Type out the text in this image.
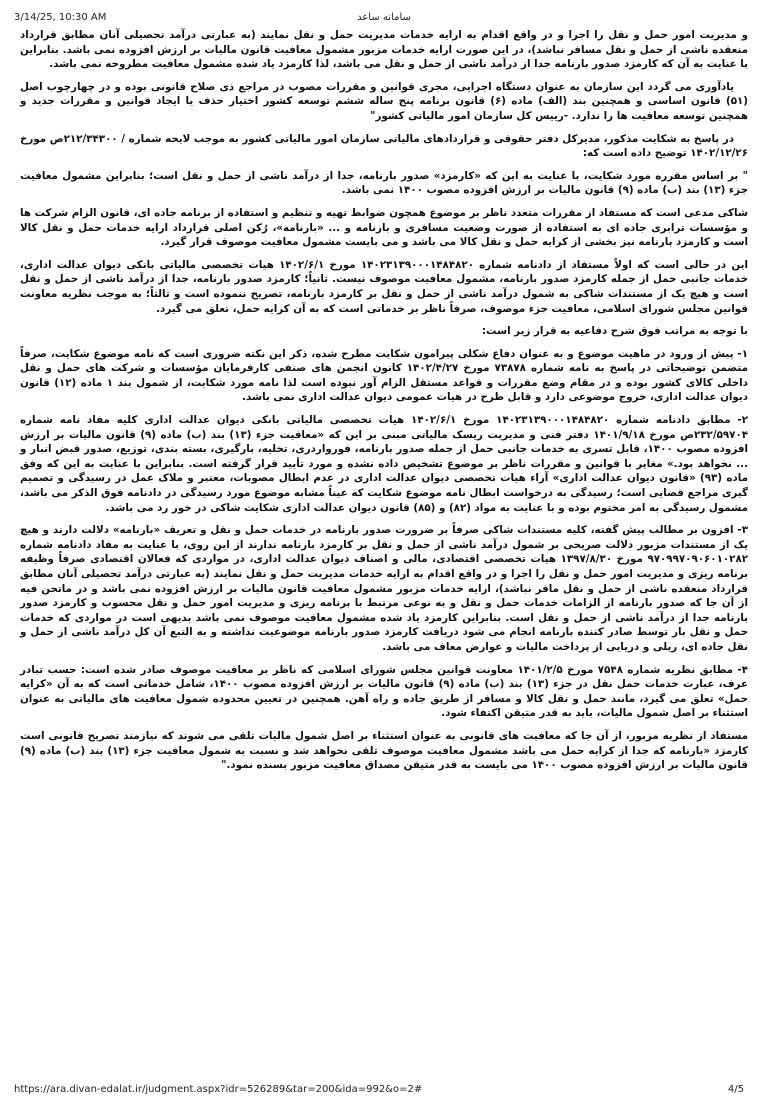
3/14/25, 10:30 AM	سامانه ساعد

و مدیریت امور حمل و نقل را اجرا و در واقع اقدام به ارایه خدمات مدیریت حمل و نقل نمایند (به عبارتی درآمد تحصیلی آنان مطابق قرارداد منعقده ناشی از حمل و نقل مسافر نباشد)، در این صورت ارایه خدمات مزبور مشمول معافیت قانون مالیات بر ارزش افزوده نمی باشد. بنابراین با عنایت به آن که کارمزد صدور بارنامه جدا از درآمد ناشی از حمل و نقل می باشد، لذا کارمزد یاد شده مشمول معافیت مطروحه نمی باشد.

یادآوری می گردد این سازمان به عنوان دستگاه اجرایی، مجری قوانین و مقررات مصوب در مراجع ذی صلاح قانونی بوده و در چهارچوب اصل (۵۱) قانون اساسی و همچنین بند (الف) ماده (۶) قانون برنامه پنج ساله ششم توسعه کشور اختیار حذف یا ایجاد قوانین و مقررات جدید و همچنین توسعه معافیت ها را ندارد. -رییس کل سازمان امور مالیاتی کشور"

در پاسخ به شکایت مذکور، مدیرکل دفتر حقوقی و قراردادهای مالیاتی سازمان امور مالیاتی کشور به موجب لایحه شماره / ۲۱۲/۳۴۳۰۰ص مورخ ۱۴۰۲/۱۲/۲۶ توضیح داده است که:

" بر اساس مقرره مورد شکایت، با عنایت به این که «کارمزد» صدور بارنامه، جدا از درآمد ناشی از حمل و نقل است؛ بنابراین مشمول معافیت جزء (۱۳) بند (ب) ماده (۹) قانون مالیات بر ارزش افزوده مصوب ۱۴۰۰ نمی باشد.

شاکی مدعی است که مستفاد از مقررات متعدد ناظر بر موضوع همچون ضوابط تهیه و تنظیم و استفاده از برنامه جاده ای، قانون الزام شرکت ها و مؤسسات ترابری جاده ای به استفاده از صورت وضعیت مسافری و بارنامه و ... «بارنامه»، رُکن اصلی قرارداد ارایه خدمات حمل و نقل کالا است و کارمزد بارنامه نیز بخشی از کرایه حمل و نقل کالا می باشد و می بایست مشمول معافیت موصوف قرار گیرد.

این در حالی است که اولاً مستفاد از دادنامه شماره ۱۴۰۲۳۱۳۹۰۰۰۱۴۸۴۸۲۰ مورخ ۱۴۰۲/۶/۱ هیات تخصصی مالیاتی بانکی دیوان عدالت اداری، خدمات جانبی حمل از جمله کارمزد صدور بارنامه، مشمول معافیت موصوف نیست. ثانیاً؛ کارمزد صدور بارنامه، جدا از درآمد ناشی از حمل و نقل است و هیچ یک از مستندات شاکی به شمول درآمد ناشی از حمل و نقل بر کارمزد بارنامه، تصریح ننموده است و ثالثاً؛ به موجب نظریه معاونت قوانین مجلس شورای اسلامی، معافیت جزء موصوف، صرفاً ناظر بر خدماتی است که به آن کرایه حمل، تعلق می گیرد.

با توجه به مراتب فوق شرح دفاعیه به قرار زیر است:

۱- پیش از ورود در ماهیت موضوع و به عنوان دفاع شکلی پیرامون شکایت مطرح شده، ذکر این نکته ضروری است که نامه موضوع شکایت، صرفاً متضمن توضیحاتی در پاسخ به نامه شماره ۷۳۸۷۸ مورخ ۱۴۰۲/۴/۲۷ کانون انجمن های صنفی کارفرمایان مؤسسات و شرکت های حمل و نقل داخلی کالای کشور بوده و در مقام وضع مقررات و قواعد مستقل الزام آور نبوده است لذا نامه مورد شکایت، از شمول بند ۱ ماده (۱۲) قانون دیوان عدالت اداری، خروج موضوعی دارد و قابل طرح در هیات عمومی دیوان عدالت اداری نمی باشد.

۲- مطابق دادنامه شماره ۱۴۰۲۳۱۳۹۰۰۰۱۴۸۴۸۲۰ مورخ ۱۴۰۲/۶/۱ هیات تخصصی مالیاتی بانکی دیوان عدالت اداری کلیه مفاد نامه شماره ۲۳۲/۵۹۷۰۴ص مورخ ۱۴۰۱/۹/۱۸ دفتر فنی و مدیریت ریسک مالیاتی مبنی بر این که «معافیت جزء (۱۳) بند (ب) ماده (۹) قانون مالیات بر ارزش افزوده مصوب ۱۴۰۰، قابل تسری به خدمات جانبی حمل از جمله صدور بارنامه، فورواردری، تخلیه، بارگیری، بسته بندی، توزیع، صدور قبض انبار و ... نخواهد بود.» مغایر با قوانین و مقررات ناظر بر موضوع تشخیص داده نشده و مورد تأیید قرار گرفته است. بنابراین با عنایت به این که وفق ماده (۹۳) «قانون دیوان عدالت اداری» آراء هیات تخصصی دیوان عدالت اداری در عدم ابطال مصوبات، معتبر و ملاک عمل در رسیدگی و تصمیم گیری مراجع قضایی است؛ رسیدگی به درخواست ابطال نامه موضوع شکایت که عیناً مشابه موضوع مورد رسیدگی در دادنامه فوق الذکر می باشد، مشمول رسیدگی به امر مختوم بوده و با عنایت به مواد (۸۲) و (۸۵) قانون دیوان عدالت اداری شکایت شاکی در خور رد می باشد.

۳- افزون بر مطالب پیش گفته، کلیه مستندات شاکی صرفاً بر ضرورت صدور بارنامه در خدمات حمل و نقل و تعریف «بارنامه» دلالت دارند و هیچ یک از مستندات مزبور دلالت صریحی بر شمول درآمد ناشی از حمل و نقل بر کارمزد بارنامه ندارند از این روی، با عنایت به مفاد دادنامه شماره ۹۷۰۹۹۷۰۹۰۶۰۱۰۲۸۲ مورخ ۱۳۹۷/۸/۳۰ هیات تخصصی اقتصادی، مالی و اصناف دیوان عدالت اداری، در مواردی که فعالان اقتصادی صرفاً وظیفه برنامه ریزی و مدیریت امور حمل و نقل را اجرا و در واقع اقدام به ارایه خدمات مدیریت حمل و نقل نمایند (به عبارتی درآمد تحصیلی آنان مطابق قرارداد منعقده ناشی از حمل و نقل مافر نباشد)، ارایه خدمات مزبور مشمول معافیت قانون مالیات بر ارزش افزوده نمی باشد و در ماتحن فیه از آن جا که صدور بارنامه از الزامات خدمات حمل و نقل و به نوعی مرتبط با برنامه ریزی و مدیریت امور حمل و نقل محسوب و کارمزد صدور بارنامه جدا از درآمد ناشی از حمل و نقل است. بنابراین کارمزد یاد شده مشمول معافیت موصوف نمی باشد بدیهی است در مواردی که خدمات حمل و نقل بار توسط صادر کننده بارنامه انجام می شود دریافت کارمزد صدور بارنامه موضوعیت نداشته و به التبع آن کل درآمد ناشی از حمل و نقل جاده ای، ریلی و دریایی از پرداخت مالیات و عوارض معاف می باشد.

۴- مطابق نظریه شماره ۷۵۴۸ مورخ ۱۴۰۱/۲/۵ معاونت قوانین مجلس شورای اسلامی که ناظر بر معافیت موصوف صادر شده است: حسب تبادر عرف، عبارت خدمات حمل نقل در جزء (۱۳) بند (ب) ماده (۹) قانون مالیات بر ارزش افزوده مصوب ۱۴۰۰، شامل خدماتی است که به آن «کرایه حمل» تعلق می گیرد، مانند حمل و نقل کالا و مسافر از طریق جاده و راه آهن. همچنین در تعیین محدوده شمول معافیت های مالیاتی به عنوان استثناء بر اصل شمول مالیات، باید به قدر متیقن اکتفاء شود.

مستفاد از نظریه مزبور، از آن جا که معافیت های قانونی به عنوان استثناء بر اصل شمول مالیات تلقی می شوند که نیازمند تصریح قانونی است کارمزد «بارنامه که جدا از کرایه حمل می باشد مشمول معافیت موصوف تلقی نخواهد شد و نسبت به شمول معافیت جزء (۱۳) بند (ب) ماده (۹) قانون مالیات بر ارزش افزوده مصوب ۱۴۰۰ می بایست به قدر متیقن مصداق معافیت مزبور بسنده نمود."

https://ara.divan-edalat.ir/judgment.aspx?idr=526289&tar=200&ida=992&o=2#	4/5
